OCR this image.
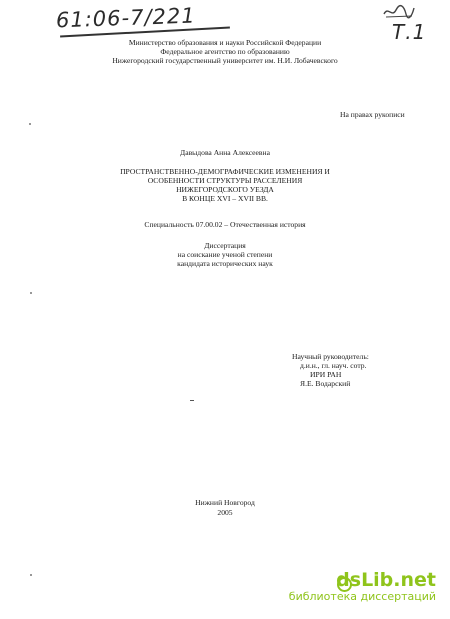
61:06-7/221	Т.1
Министерство образования и науки Российской Федерации
Федеральное агентство по образованию
Нижегородский государственный университет им. Н.И. Лобачевского
На правах рукописи
Давыдова Анна Алексеевна
ПРОСТРАНСТВЕННО-ДЕМОГРАФИЧЕСКИЕ ИЗМЕНЕНИЯ И
ОСОБЕННОСТИ СТРУКТУРЫ РАССЕЛЕНИЯ
НИЖЕГОРОДСКОГО УЕЗДА
В КОНЦЕ XVI – XVII ВВ.
Специальность 07.00.02 – Отечественная история
Диссертация
на соискание ученой степени
кандидата исторических наук
Научный руководитель:
д.и.н., гл. науч. сотр.
ИРИ РАН
Я.Е. Водарский
Нижний Новгород
2005
dsLib.net
библиотека диссертаций
